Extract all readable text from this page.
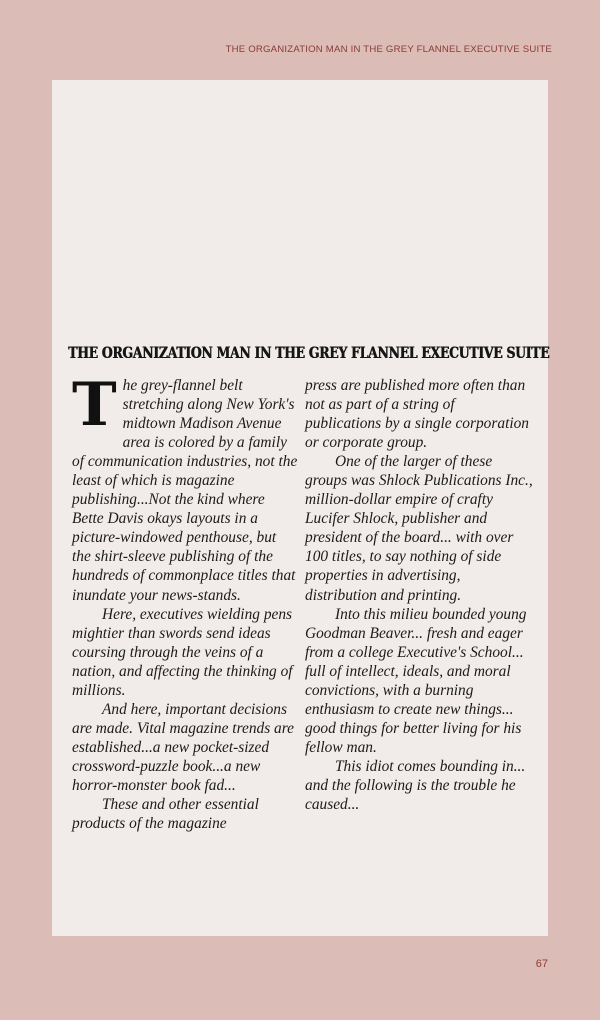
THE ORGANIZATION MAN IN THE GREY FLANNEL EXECUTIVE SUITE
THE ORGANIZATION MAN IN THE GREY FLANNEL EXECUTIVE SUITE

The grey-flannel belt stretching along New York's midtown Madison Avenue area is colored by a family of communication industries, not the least of which is magazine publishing...Not the kind where Bette Davis okays layouts in a picture-windowed penthouse, but the shirt-sleeve publishing of the hundreds of commonplace titles that inundate your news-stands.

Here, executives wielding pens mightier than swords send ideas coursing through the veins of a nation, and affecting the thinking of millions.

And here, important decisions are made. Vital magazine trends are established...a new pocket-sized crossword-puzzle book...a new horror-monster book fad...

These and other essential products of the magazine

press are published more often than not as part of a string of publications by a single corporation or corporate group.

One of the larger of these groups was Shlock Publications Inc., million-dollar empire of crafty Lucifer Shlock, publisher and president of the board... with over 100 titles, to say nothing of side properties in advertising, distribution and printing.

Into this milieu bounded young Goodman Beaver... fresh and eager from a college Executive's School... full of intellect, ideals, and moral convictions, with a burning enthusiasm to create new things... good things for better living for his fellow man.

This idiot comes bounding in... and the following is the trouble he caused...

67
